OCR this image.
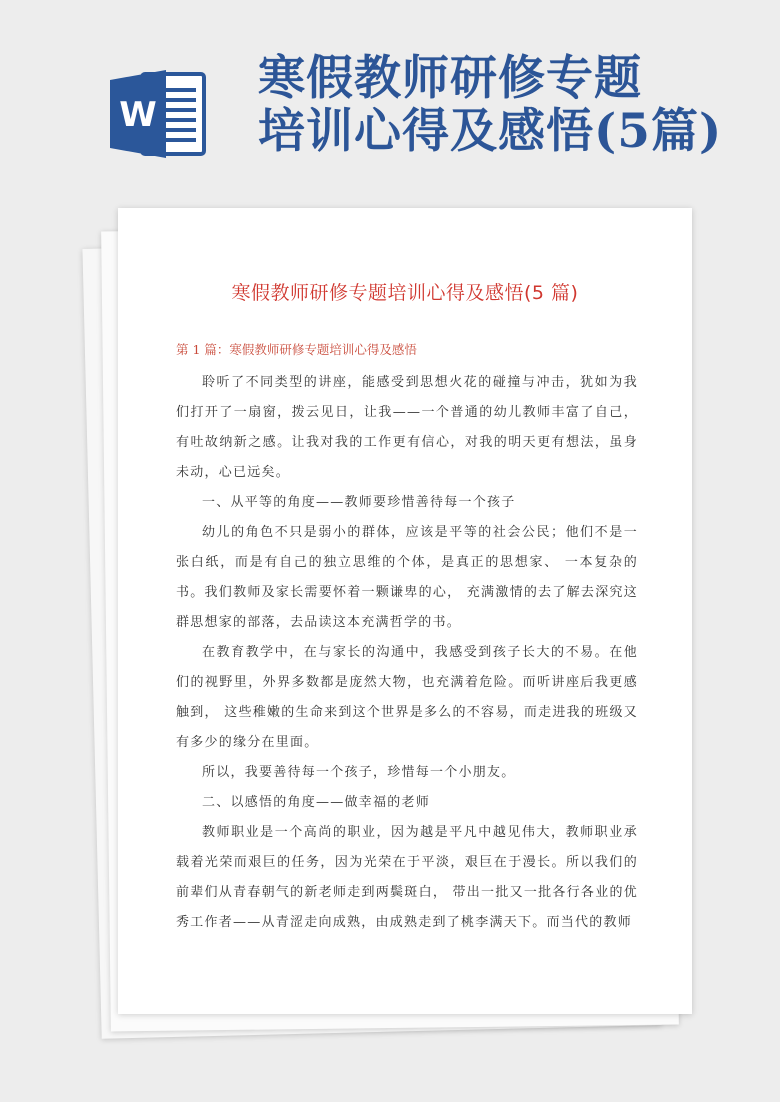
W
寒假教师研修专题
培训心得及感悟(5篇)
寒假教师研修专题培训心得及感悟(5 篇)
第 1 篇：寒假教师研修专题培训心得及感悟

聆听了不同类型的讲座，能感受到思想火花的碰撞与冲击，犹如为我们打开了一扇窗，拨云见日，让我——一个普通的幼儿教师丰富了自己，有吐故纳新之感。让我对我的工作更有信心，对我的明天更有想法，虽身未动，心已远矣。

一、从平等的角度——教师要珍惜善待每一个孩子

幼儿的角色不只是弱小的群体，应该是平等的社会公民；他们不是一张白纸，而是有自己的独立思维的个体，是真正的思想家、 一本复杂的书。我们教师及家长需要怀着一颗谦卑的心， 充满激情的去了解去深究这群思想家的部落，去品读这本充满哲学的书。

在教育教学中，在与家长的沟通中，我感受到孩子长大的不易。在他们的视野里，外界多数都是庞然大物，也充满着危险。而听讲座后我更感触到， 这些稚嫩的生命来到这个世界是多么的不容易，而走进我的班级又有多少的缘分在里面。

所以，我要善待每一个孩子，珍惜每一个小朋友。

二、以感悟的角度——做幸福的老师

教师职业是一个高尚的职业，因为越是平凡中越见伟大，教师职业承载着光荣而艰巨的任务，因为光荣在于平淡，艰巨在于漫长。所以我们的前辈们从青春朝气的新老师走到两鬓斑白， 带出一批又一批各行各业的优秀工作者——从青涩走向成熟，由成熟走到了桃李满天下。而当代的教师
